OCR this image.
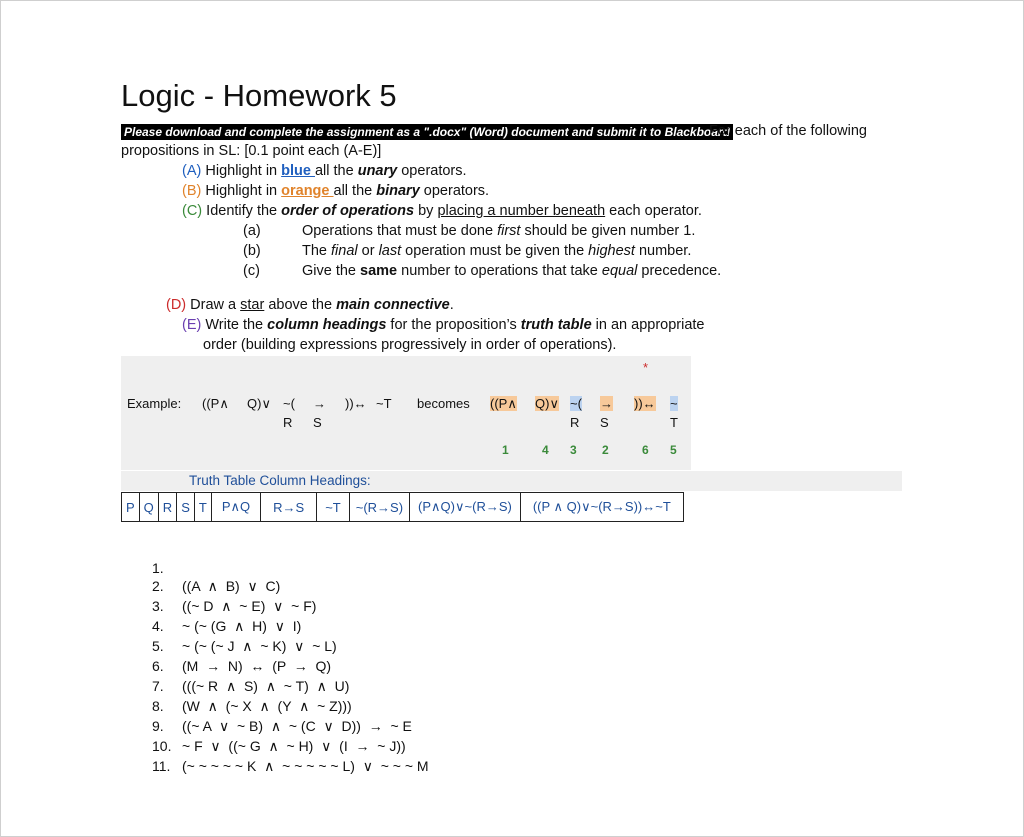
Logic - Homework 5
Please download and complete the assignment as a ".docx" (Word) document and submit it to Blackboard
For each of the following
propositions in SL: [0.1 point each (A-E)]
(A) Highlight in blue all the unary operators.
(B) Highlight in orange all the binary operators.
(C) Identify the order of operations by placing a number beneath each operator.
(a)	Operations that must be done first should be given number 1.
(b)	The final or last operation must be given the highest number.
(c)	Give the same number to operations that take equal precedence.
(D) Draw a star above the main connective.
(E) Write the column headings for the proposition’s truth table in an appropriate
order (building expressions progressively in order of operations).
Example: ((P∧ Q)∨ ~( → ))↔ ~T
R S
becomes ((P∧ Q)∨ ~( → ))↔ ~
R S	T
*
1	4 3 2	6 5
Truth Table Column Headings:
P	Q	R	S	T	P∧Q	R→S	~T	~(R→S)	(P∧Q)∨~(R→S)	((P ∧ Q)∨~(R→S))↔~T
1.
2. ((A  ∧  B)  ∨  C)
3. ((~ D  ∧  ~ E)  ∨  ~ F)
4. ~ (~ (G  ∧  H)  ∨  I)
5. ~ (~ (~ J  ∧  ~ K)  ∨  ~ L)
6. (M  →  N)  ↔  (P  →  Q)
7. (((~ R  ∧  S)  ∧  ~ T)  ∧  U)
8. (W  ∧  (~ X  ∧  (Y  ∧  ~ Z)))
9. ((~ A  ∨  ~ B)  ∧  ~ (C  ∨  D))  →  ~ E
10. ~ F  ∨  ((~ G  ∧  ~ H)  ∨  (I  →  ~ J))
11. (~ ~ ~ ~ ~ K  ∧  ~ ~ ~ ~ ~ L)  ∨  ~ ~ ~ M
